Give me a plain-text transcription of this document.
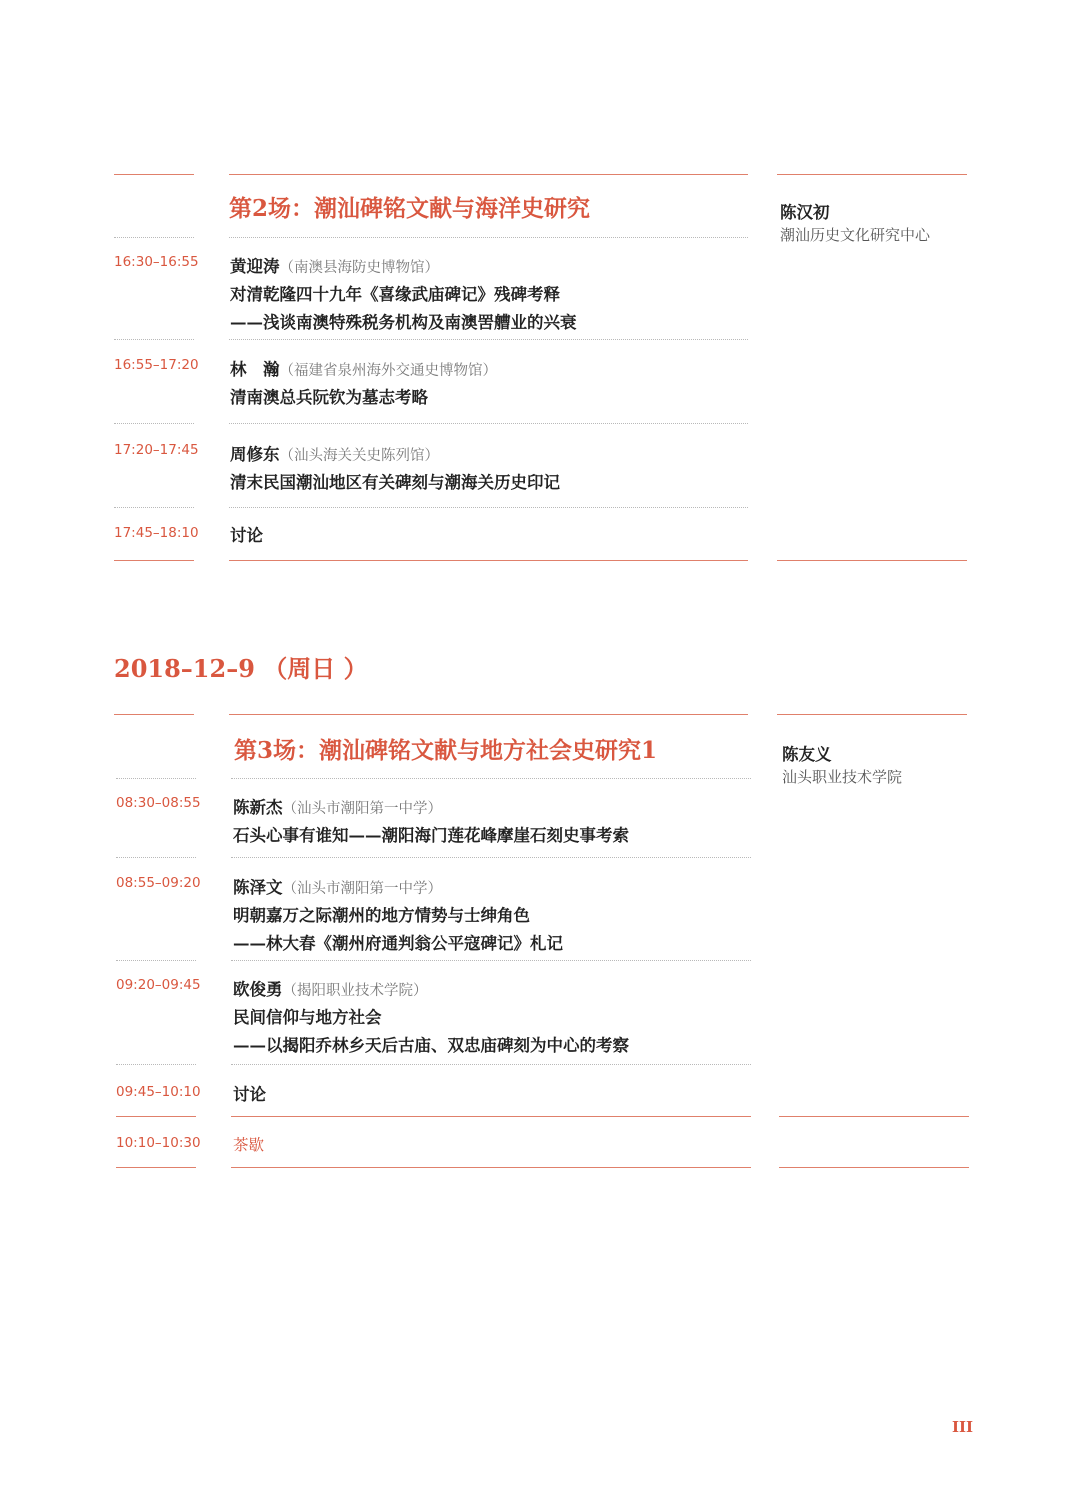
第2场：潮汕碑铭文献与海洋史研究	陈汉初
潮汕历史文化研究中心
16:30–16:55 黄迎涛（南澳县海防史博物馆）
对清乾隆四十九年《喜缘武庙碑记》残碑考释
——浅谈南澳特殊税务机构及南澳罟艚业的兴衰
16:55–17:20 林　瀚（福建省泉州海外交通史博物馆）
清南澳总兵阮钦为墓志考略
17:20–17:45 周修东（汕头海关关史陈列馆）
清末民国潮汕地区有关碑刻与潮海关历史印记
17:45–18:10 讨论
2018–12–9 （周日 ）
第3场：潮汕碑铭文献与地方社会史研究1	陈友义
汕头职业技术学院
08:30–08:55 陈新杰（汕头市潮阳第一中学）
石头心事有谁知——潮阳海门莲花峰摩崖石刻史事考索
08:55–09:20 陈泽文（汕头市潮阳第一中学）
明朝嘉万之际潮州的地方情势与士绅角色
——林大春《潮州府通判翁公平寇碑记》札记
09:20–09:45 欧俊勇（揭阳职业技术学院）
民间信仰与地方社会
——以揭阳乔林乡天后古庙、双忠庙碑刻为中心的考察
09:45–10:10 讨论
10:10–10:30 茶歇
III
